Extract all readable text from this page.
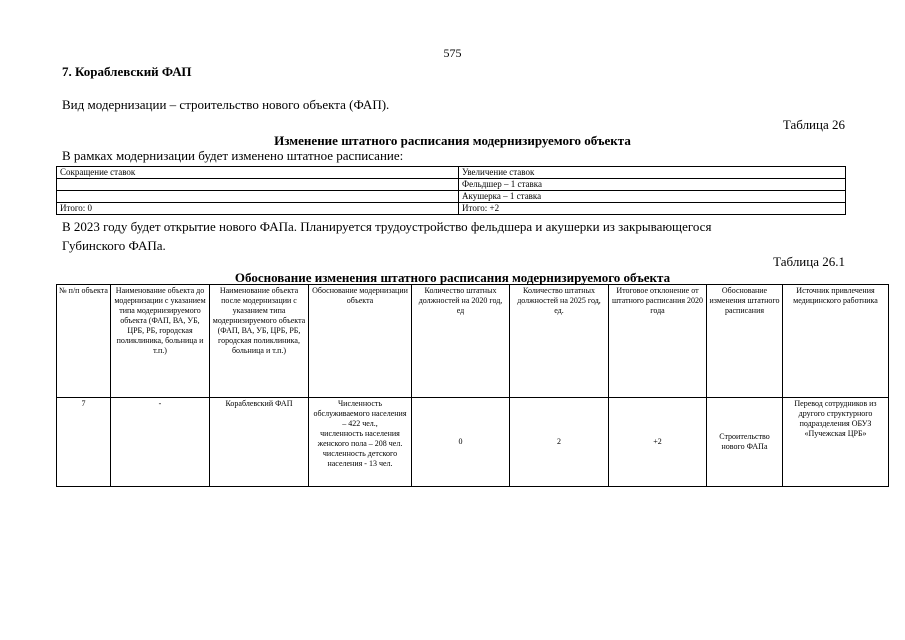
575
7. Кораблевский ФАП
Вид модернизации – строительство нового объекта (ФАП).
Таблица 26
Изменение штатного расписания модернизируемого объекта
В рамках модернизации будет изменено штатное расписание:
Сокращение ставок	Увеличение ставок
	Фельдшер – 1 ставка
	Акушерка – 1 ставка
Итого: 0	Итого: +2
В 2023 году будет открытие нового ФАПа. Планируется трудоустройство фельдшера и акушерки из закрывающегося
Губинского ФАПа.
Таблица 26.1
Обоснование изменения штатного расписания модернизируемого объекта
№ п/п объекта	Наименование объекта до модернизации с указанием типа модернизируемого объекта (ФАП, ВА, УБ, ЦРБ, РБ, городская поликлиника, больница и т.п.)	Наименование объекта после модернизации с указанием типа модернизируемого объекта (ФАП, ВА, УБ, ЦРБ, РБ, городская поликлиника, больница и т.п.)	Обоснование модернизации объекта	Количество штатных должностей на 2020 год, ед	Количество штатных должностей на 2025 год, ед.	Итоговое отклонение от штатного расписания 2020 года	Обоснование изменения штатного расписания	Источник привлечения медицинского работника
7	-	Кораблевский ФАП	Численность обслуживаемого населения – 422 чел.,
численность населения женского пола – 208 чел.
численность детского населения - 13 чел.	0	2	+2	Строительство нового ФАПа	Перевод сотрудников из другого структурного подразделения ОБУЗ «Пучежская ЦРБ»
